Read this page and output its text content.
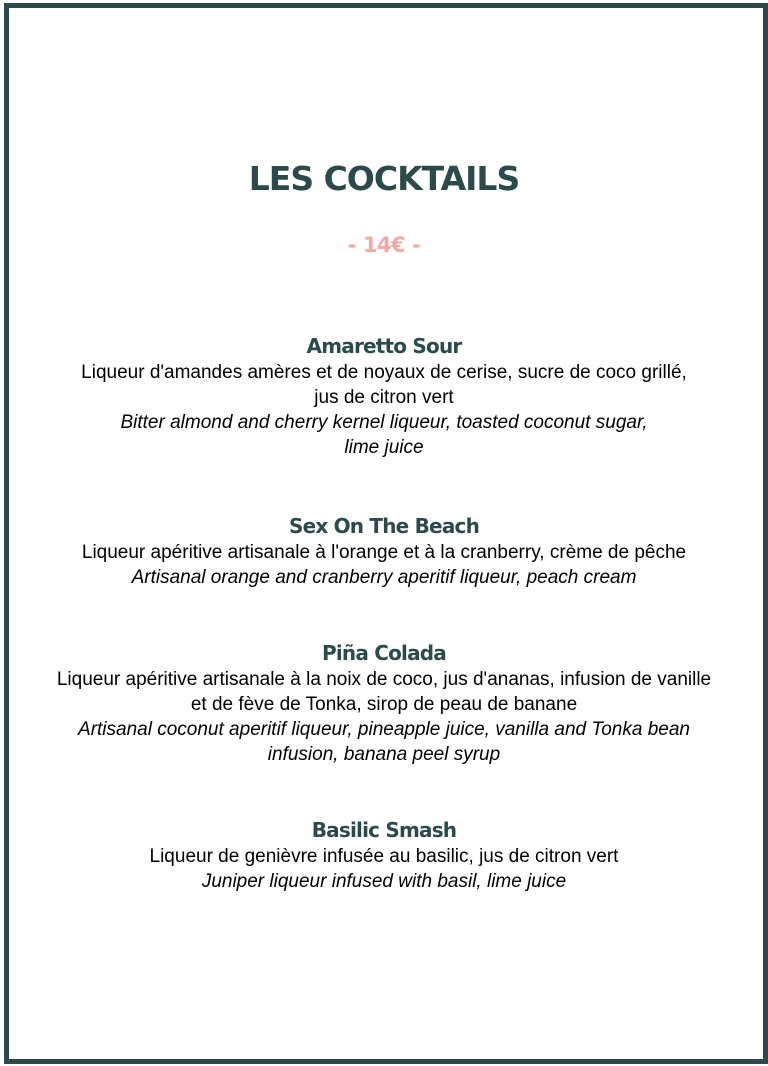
LES COCKTAILS
- 14€ -
Amaretto Sour
Liqueur d'amandes amères et de noyaux de cerise, sucre de coco grillé,
jus de citron vert
Bitter almond and cherry kernel liqueur, toasted coconut sugar,
lime juice
Sex On The Beach
Liqueur apéritive artisanale à l'orange et à la cranberry, crème de pêche
Artisanal orange and cranberry aperitif liqueur, peach cream
Piña Colada
Liqueur apéritive artisanale à la noix de coco, jus d'ananas, infusion de vanille
et de fève de Tonka, sirop de peau de banane
Artisanal coconut aperitif liqueur, pineapple juice, vanilla and Tonka bean
infusion, banana peel syrup
Basilic Smash
Liqueur de genièvre infusée au basilic, jus de citron vert
Juniper liqueur infused with basil, lime juice
